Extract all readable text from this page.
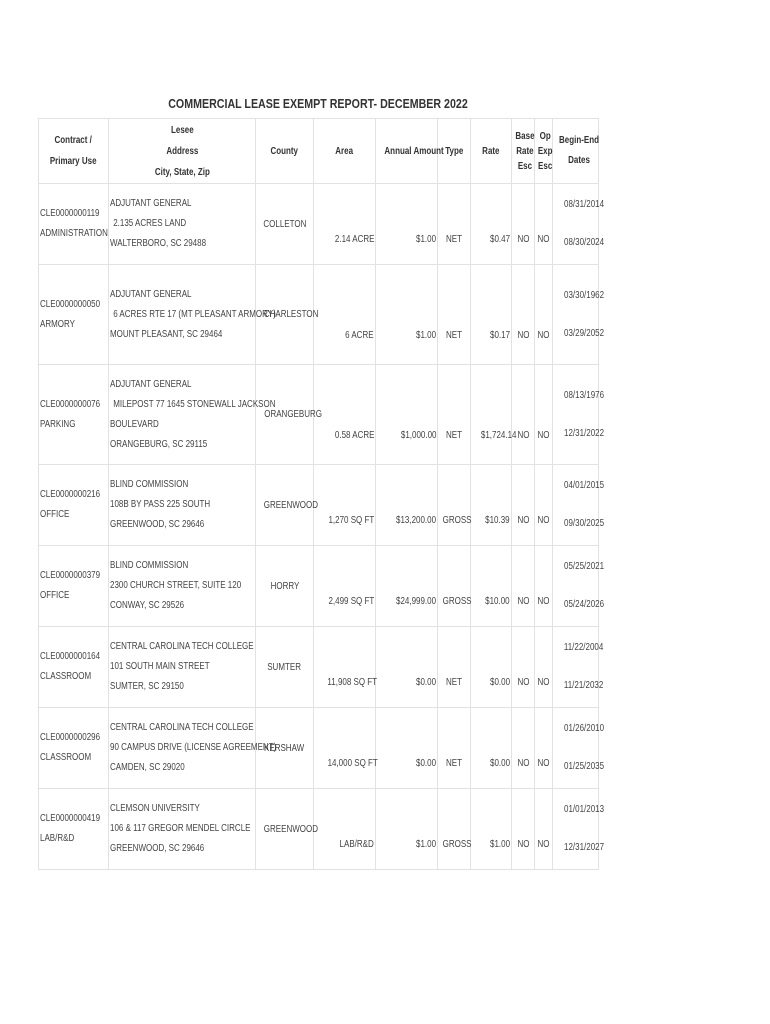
COMMERCIAL LEASE EXEMPT REPORT- DECEMBER 2022
Contract /
Primary Use	Lesee
Address
City, State, Zip	County	Area	Annual Amount	Type	Rate	Base
Rate
Esc	Op
Exp
Esc	Begin-End
Dates

CLE0000000119
ADMINISTRATION	ADJUTANT GENERAL
2.135 ACRES LAND
WALTERBORO, SC 29488	COLLETON	2.14 ACRE	$1.00	NET	$0.47	NO	NO	08/31/2014
08/30/2024

CLE0000000050
ARMORY	ADJUTANT GENERAL
6 ACRES RTE 17 (MT PLEASANT ARMORY)
MOUNT PLEASANT, SC 29464	CHARLESTON	6 ACRE	$1.00	NET	$0.17	NO	NO	03/30/1962
03/29/2052

CLE0000000076
PARKING	ADJUTANT GENERAL
MILEPOST 77 1645 STONEWALL JACKSON
BOULEVARD
ORANGEBURG, SC 29115	ORANGEBURG	0.58 ACRE	$1,000.00	NET	$1,724.14	NO	NO	08/13/1976
12/31/2022

CLE0000000216
OFFICE	BLIND COMMISSION
108B BY PASS 225 SOUTH
GREENWOOD, SC 29646	GREENWOOD	1,270 SQ FT	$13,200.00	GROSS	$10.39	NO	NO	04/01/2015
09/30/2025

CLE0000000379
OFFICE	BLIND COMMISSION
2300 CHURCH STREET, SUITE 120
CONWAY, SC 29526	HORRY	2,499 SQ FT	$24,999.00	GROSS	$10.00	NO	NO	05/25/2021
05/24/2026

CLE0000000164
CLASSROOM	CENTRAL CAROLINA TECH COLLEGE
101 SOUTH MAIN STREET
SUMTER, SC 29150	SUMTER	11,908 SQ FT	$0.00	NET	$0.00	NO	NO	11/22/2004
11/21/2032

CLE0000000296
CLASSROOM	CENTRAL CAROLINA TECH COLLEGE
90 CAMPUS DRIVE (LICENSE AGREEMENT)
CAMDEN, SC 29020	KERSHAW	14,000 SQ FT	$0.00	NET	$0.00	NO	NO	01/26/2010
01/25/2035

CLE0000000419
LAB/R&D	CLEMSON UNIVERSITY
106 & 117 GREGOR MENDEL CIRCLE
GREENWOOD, SC 29646	GREENWOOD	LAB/R&D	$1.00	GROSS	$1.00	NO	NO	01/01/2013
12/31/2027
